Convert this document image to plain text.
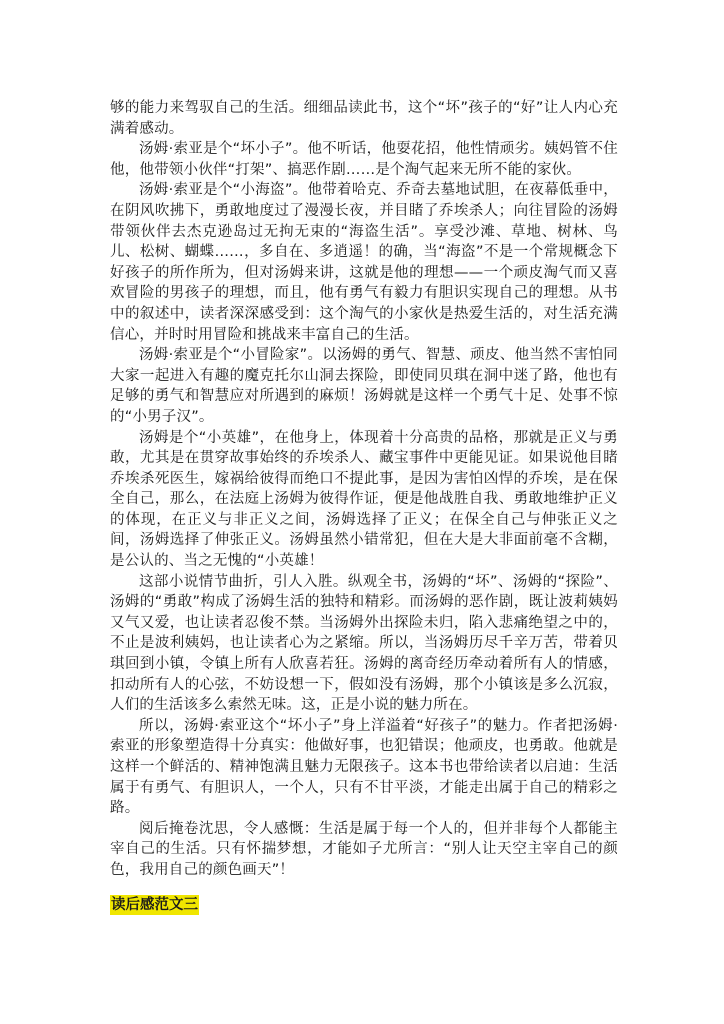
够的能力来驾驭自己的生活。细细品读此书，这个“坏”孩子的“好”让人内心充满着感动。

汤姆·索亚是个“坏小子”。他不听话，他耍花招，他性情顽劣。姨妈管不住他，他带领小伙伴“打架”、搞恶作剧……是个淘气起来无所不能的家伙。

汤姆·索亚是个“小海盗”。他带着哈克、乔奇去墓地试胆，在夜幕低垂中，在阴风吹拂下，勇敢地度过了漫漫长夜，并目睹了乔埃杀人；向往冒险的汤姆带领伙伴去杰克逊岛过无拘无束的“海盗生活”。享受沙滩、草地、树林、鸟儿、松树、蝴蝶……，多自在、多逍遥！的确，当“海盗”不是一个常规概念下好孩子的所作所为，但对汤姆来讲，这就是他的理想——一个顽皮淘气而又喜欢冒险的男孩子的理想，而且，他有勇气有毅力有胆识实现自己的理想。从书中的叙述中，读者深深感受到：这个淘气的小家伙是热爱生活的，对生活充满信心，并时时用冒险和挑战来丰富自己的生活。

汤姆·索亚是个“小冒险家”。以汤姆的勇气、智慧、顽皮、他当然不害怕同大家一起进入有趣的魔克托尔山洞去探险，即使同贝琪在洞中迷了路，他也有足够的勇气和智慧应对所遇到的麻烦！汤姆就是这样一个勇气十足、处事不惊的“小男子汉”。

汤姆是个“小英雄”，在他身上，体现着十分高贵的品格，那就是正义与勇敢，尤其是在贯穿故事始终的乔埃杀人、藏宝事件中更能见证。如果说他目睹乔埃杀死医生，嫁祸给彼得而绝口不提此事，是因为害怕凶悍的乔埃，是在保全自己，那么，在法庭上汤姆为彼得作证，便是他战胜自我、勇敢地维护正义的体现，在正义与非正义之间，汤姆选择了正义；在保全自己与伸张正义之间，汤姆选择了伸张正义。汤姆虽然小错常犯，但在大是大非面前毫不含糊，是公认的、当之无愧的“小英雄！

这部小说情节曲折，引人入胜。纵观全书，汤姆的“坏”、汤姆的“探险”、汤姆的“勇敢”构成了汤姆生活的独特和精彩。而汤姆的恶作剧，既让波莉姨妈又气又爱，也让读者忍俊不禁。当汤姆外出探险未归，陷入悲痛绝望之中的，不止是波利姨妈，也让读者心为之紧缩。所以，当汤姆历尽千辛万苦，带着贝琪回到小镇，令镇上所有人欣喜若狂。汤姆的离奇经历牵动着所有人的情感，扣动所有人的心弦，不妨设想一下，假如没有汤姆，那个小镇该是多么沉寂，人们的生活该多么索然无味。这，正是小说的魅力所在。

所以，汤姆·索亚这个“坏小子”身上洋溢着“好孩子”的魅力。作者把汤姆·索亚的形象塑造得十分真实：他做好事，也犯错误；他顽皮，也勇敢。他就是这样一个鲜活的、精神饱满且魅力无限孩子。这本书也带给读者以启迪：生活属于有勇气、有胆识人，一个人，只有不甘平淡，才能走出属于自己的精彩之路。

阅后掩卷沈思，令人感慨：生活是属于每一个人的，但并非每个人都能主宰自己的生活。只有怀揣梦想，才能如子尤所言：“别人让天空主宰自己的颜色，我用自己的颜色画天”！

读后感范文三
